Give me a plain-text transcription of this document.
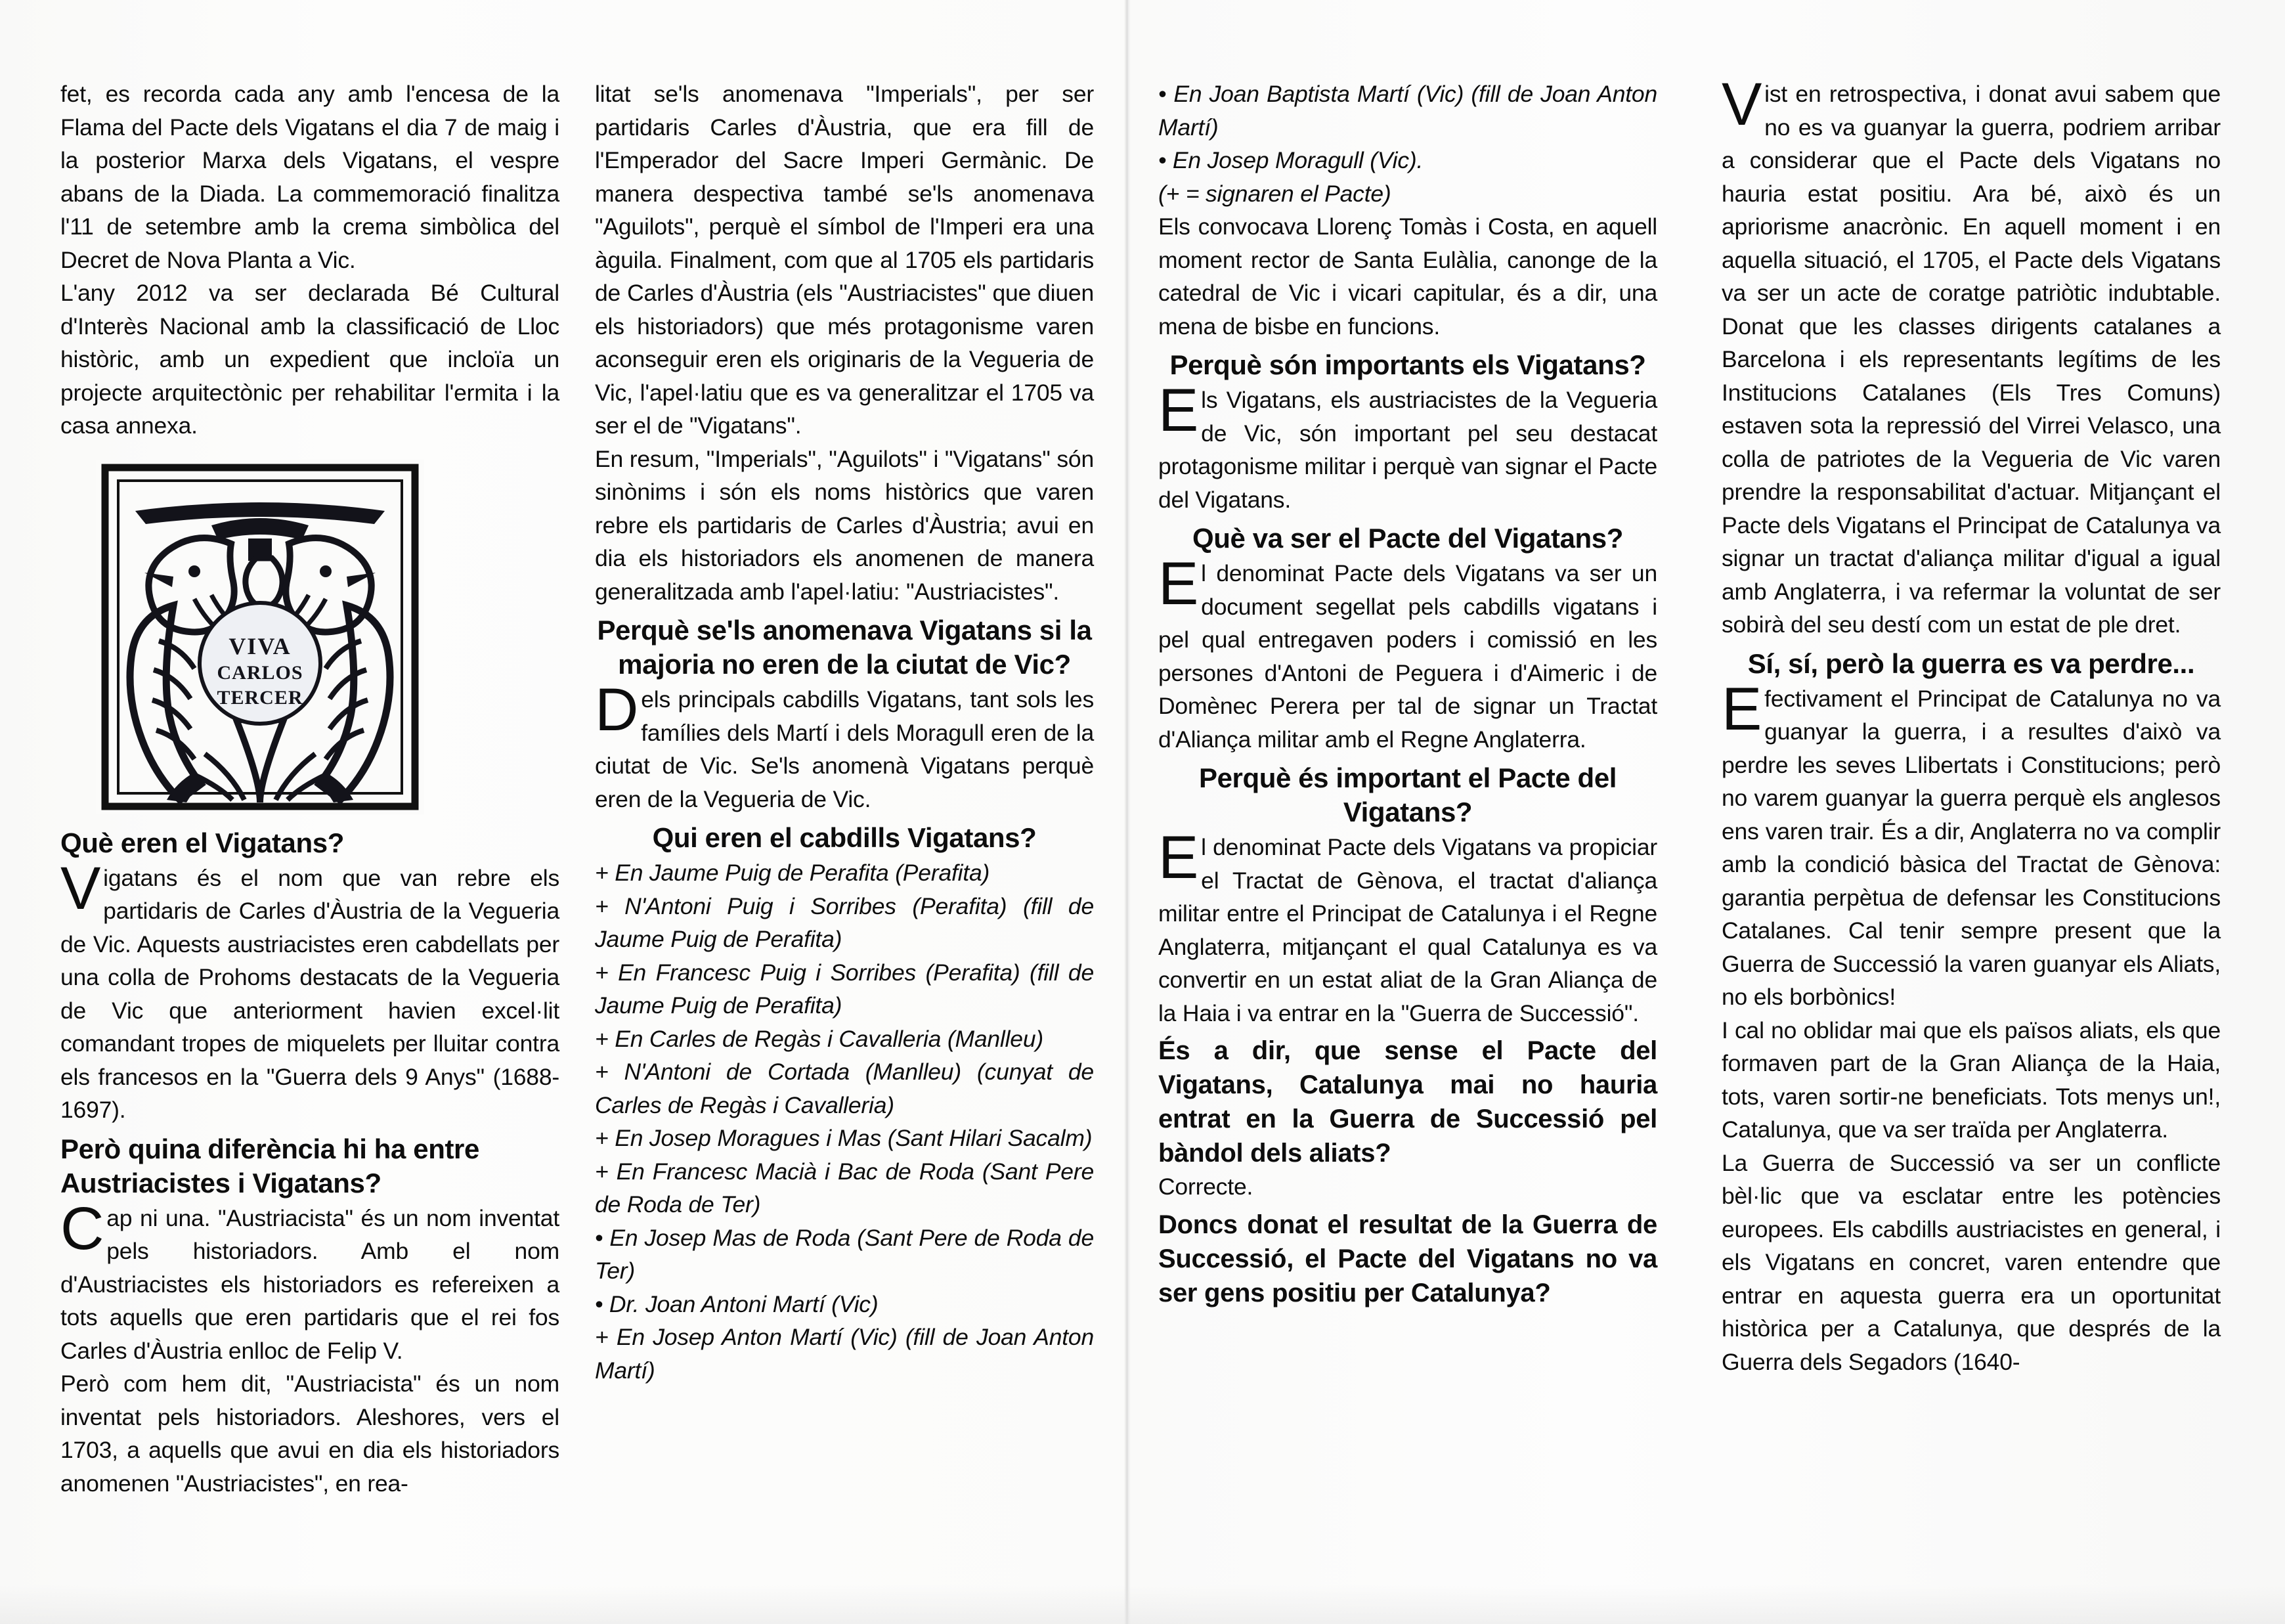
fet, es recorda cada any amb l'encesa de la Flama del Pacte dels Vigatans el dia 7 de maig i la posterior Marxa dels Vigatans, el vespre abans de la Diada. La commemoració finalitza l'11 de setembre amb la crema simbòlica del Decret de Nova Planta a Vic.

L'any 2012 va ser declarada Bé Cultural d'Interès Nacional amb la classificació de Lloc històric, amb un expedient que incloïa un projecte arquitectònic per rehabilitar l'ermita i la casa annexa.

VIVA
CARLOS
TERCER
Què eren el Vigatans?

Vigatans és el nom que van rebre els partidaris de Carles d'Àustria de la Vegueria de Vic. Aquests austriacistes eren cabdellats per una colla de Prohoms destacats de la Vegueria de Vic que anteriorment havien excel·lit comandant tropes de miquelets per lluitar contra els francesos en la "Guerra dels 9 Anys" (1688-1697).

Però quina diferència hi ha entre Austriacistes i Vigatans?

Cap ni una. "Austriacista" és un nom inventat pels historiadors. Amb el nom d'Austriacistes els historiadors es refereixen a tots aquells que eren partidaris que el rei fos Carles d'Àustria enlloc de Felip V.

Però com hem dit, "Austriacista" és un nom inventat pels historiadors. Aleshores, vers el 1703, a aquells que avui en dia els historiadors anomenen "Austriacistes", en rea-

litat se'ls anomenava "Imperials", per ser partidaris Carles d'Àustria, que era fill de l'Emperador del Sacre Imperi Germànic. De manera despectiva també se'ls anomenava "Aguilots", perquè el símbol de l'Imperi era una àguila. Finalment, com que al 1705 els partidaris de Carles d'Àustria (els "Austriacistes" que diuen els historiadors) que més protagonisme varen aconseguir eren els originaris de la Vegueria de Vic, l'apel·latiu que es va generalitzar el 1705 va ser el de "Vigatans".

En resum, "Imperials", "Aguilots" i "Vigatans" són sinònims i són els noms històrics que varen rebre els partidaris de Carles d'Àustria; avui en dia els historiadors els anomenen de manera generalitzada amb l'apel·latiu: "Austriacistes".

Perquè se'ls anomenava Vigatans si la majoria no eren de la ciutat de Vic?

Dels principals cabdills Vigatans, tant sols les famílies dels Martí i dels Moragull eren de la ciutat de Vic. Se'ls anomenà Vigatans perquè eren de la Vegueria de Vic.

Qui eren el cabdills Vigatans?
+ En Jaume Puig de Perafita (Perafita)
+ N'Antoni Puig i Sorribes (Perafita) (fill de Jaume Puig de Perafita)
+ En Francesc Puig i Sorribes (Perafita) (fill de Jaume Puig de Perafita)
+ En Carles de Regàs i Cavalleria (Manlleu)
+ N'Antoni de Cortada (Manlleu) (cunyat de Carles de Regàs i Cavalleria)
+ En Josep Moragues i Mas (Sant Hilari Sacalm)
+ En Francesc Macià i Bac de Roda (Sant Pere de Roda de Ter)
• En Josep Mas de Roda (Sant Pere de Roda de Ter)
• Dr. Joan Antoni Martí (Vic)
+ En Josep Anton Martí (Vic) (fill de Joan Anton Martí)
• En Joan Baptista Martí (Vic) (fill de Joan Anton Martí)
• En Josep Moragull (Vic).

(+ = signaren el Pacte)

Els convocava Llorenç Tomàs i Costa, en aquell moment rector de Santa Eulàlia, canonge de la catedral de Vic i vicari capitular, és a dir, una mena de bisbe en funcions.

Perquè són importants els Vigatans?

Els Vigatans, els austriacistes de la Vegueria de Vic, són important pel seu destacat protagonisme militar i perquè van signar el Pacte del Vigatans.

Què va ser el Pacte del Vigatans?

El denominat Pacte dels Vigatans va ser un document segellat pels cabdills vigatans i pel qual entregaven poders i comissió en les persones d'Antoni de Peguera i d'Aimeric i de Domènec Perera per tal de signar un Tractat d'Aliança militar amb el Regne Anglaterra.

Perquè és important el Pacte del Vigatans?

El denominat Pacte dels Vigatans va propiciar el Tractat de Gènova, el tractat d'aliança militar entre el Principat de Catalunya i el Regne Anglaterra, mitjançant el qual Catalunya es va convertir en un estat aliat de la Gran Aliança de la Haia i va entrar en la "Guerra de Successió".

És a dir, que sense el Pacte del Vigatans, Catalunya mai no hauria entrat en la Guerra de Successió pel bàndol dels aliats?

Correcte.

Doncs donat el resultat de la Guerra de Successió, el Pacte del Vigatans no va ser gens positiu per Catalunya?

Vist en retrospectiva, i donat avui sabem que no es va guanyar la guerra, podriem arribar a considerar que el Pacte dels Vigatans no hauria estat positiu. Ara bé, això és un apriorisme anacrònic. En aquell moment i en aquella situació, el 1705, el Pacte dels Vigatans va ser un acte de coratge patriòtic indubtable. Donat que les classes dirigents catalanes a Barcelona i els representants legítims de les Institucions Catalanes (Els Tres Comuns) estaven sota la repressió del Virrei Velasco, una colla de patriotes de la Vegueria de Vic varen prendre la responsabilitat d'actuar. Mitjançant el Pacte dels Vigatans el Principat de Catalunya va signar un tractat d'aliança militar d'igual a igual amb Anglaterra, i va refermar la voluntat de ser sobirà del seu destí com un estat de ple dret.

Sí, sí, però la guerra es va perdre...

Efectivament el Principat de Catalunya no va guanyar la guerra, i a resultes d'això va perdre les seves Llibertats i Constitucions; però no varem guanyar la guerra perquè els anglesos ens varen trair. És a dir, Anglaterra no va complir amb la condició bàsica del Tractat de Gènova: garantia perpètua de defensar les Constitucions Catalanes. Cal tenir sempre present que la Guerra de Successió la varen guanyar els Aliats, no els borbònics!

I cal no oblidar mai que els països aliats, els que formaven part de la Gran Aliança de la Haia, tots, varen sortir-ne beneficiats. Tots menys un!, Catalunya, que va ser traïda per Anglaterra.

La Guerra de Successió va ser un conflicte bèl·lic que va esclatar entre les potències europees. Els cabdills austriacistes en general, i els Vigatans en concret, varen entendre que entrar en aquesta guerra era un oportunitat històrica per a Catalunya, que després de la Guerra dels Segadors (1640-
